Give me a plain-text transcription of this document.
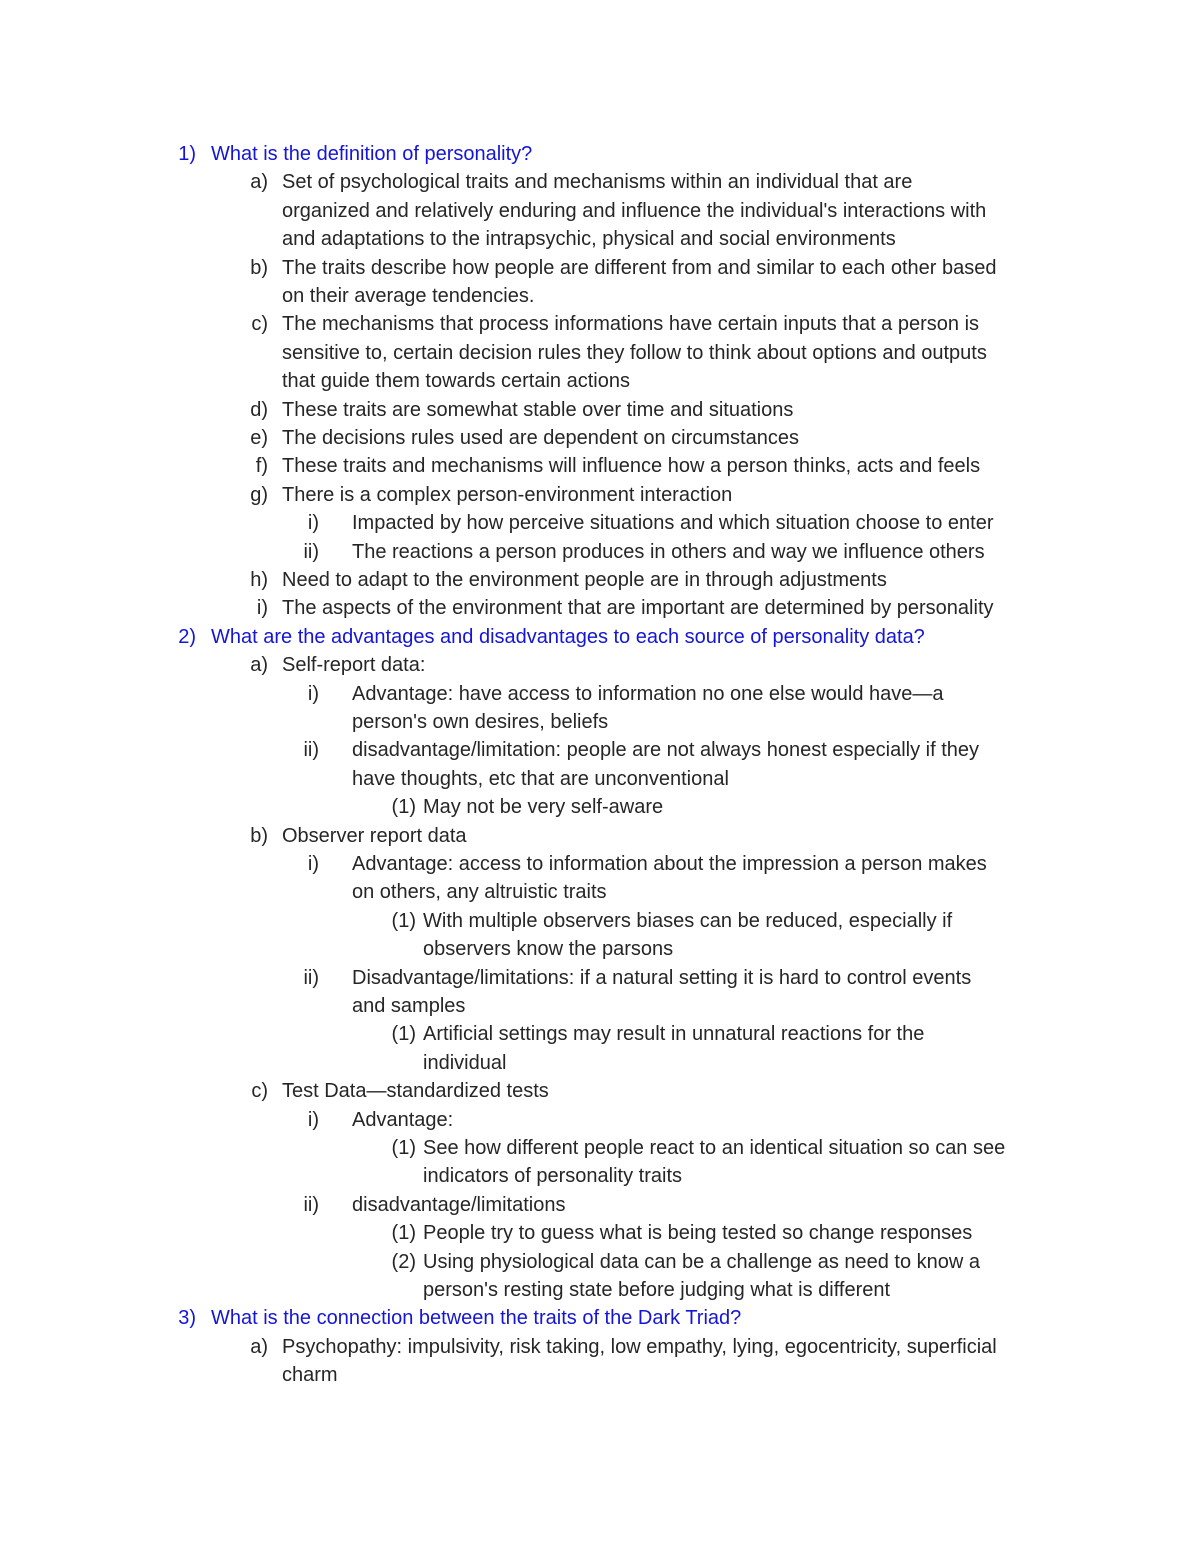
1) What is the definition of personality?
a) Set of psychological traits and mechanisms within an individual that are
organized and relatively enduring and influence the individual's interactions with
and adaptations to the intrapsychic, physical and social environments
b) The traits describe how people are different from and similar to each other based
on their average tendencies.
c) The mechanisms that process informations have certain inputs that a person is
sensitive to, certain decision rules they follow to think about options and outputs
that guide them towards certain actions
d) These traits are somewhat stable over time and situations
e) The decisions rules used are dependent on circumstances
f) These traits and mechanisms will influence how a person thinks, acts and feels
g) There is a complex person-environment interaction
i) Impacted by how perceive situations and which situation choose to enter
ii) The reactions a person produces in others and way we influence others
h) Need to adapt to the environment people are in through adjustments
i) The aspects of the environment that are important are determined by personality
2) What are the advantages and disadvantages to each source of personality data?
a) Self-report data:
i) Advantage: have access to information no one else would have—a
person's own desires, beliefs
ii) disadvantage/limitation: people are not always honest especially if they
have thoughts, etc that are unconventional
(1) May not be very self-aware
b) Observer report data
i) Advantage: access to information about the impression a person makes
on others, any altruistic traits
(1) With multiple observers biases can be reduced, especially if
observers know the parsons
ii) Disadvantage/limitations: if a natural setting it is hard to control events
and samples
(1) Artificial settings may result in unnatural reactions for the
individual
c) Test Data—standardized tests
i) Advantage:
(1) See how different people react to an identical situation so can see
indicators of personality traits
ii) disadvantage/limitations
(1) People try to guess what is being tested so change responses
(2) Using physiological data can be a challenge as need to know a
person's resting state before judging what is different
3) What is the connection between the traits of the Dark Triad?
a) Psychopathy: impulsivity, risk taking, low empathy, lying, egocentricity, superficial
charm
